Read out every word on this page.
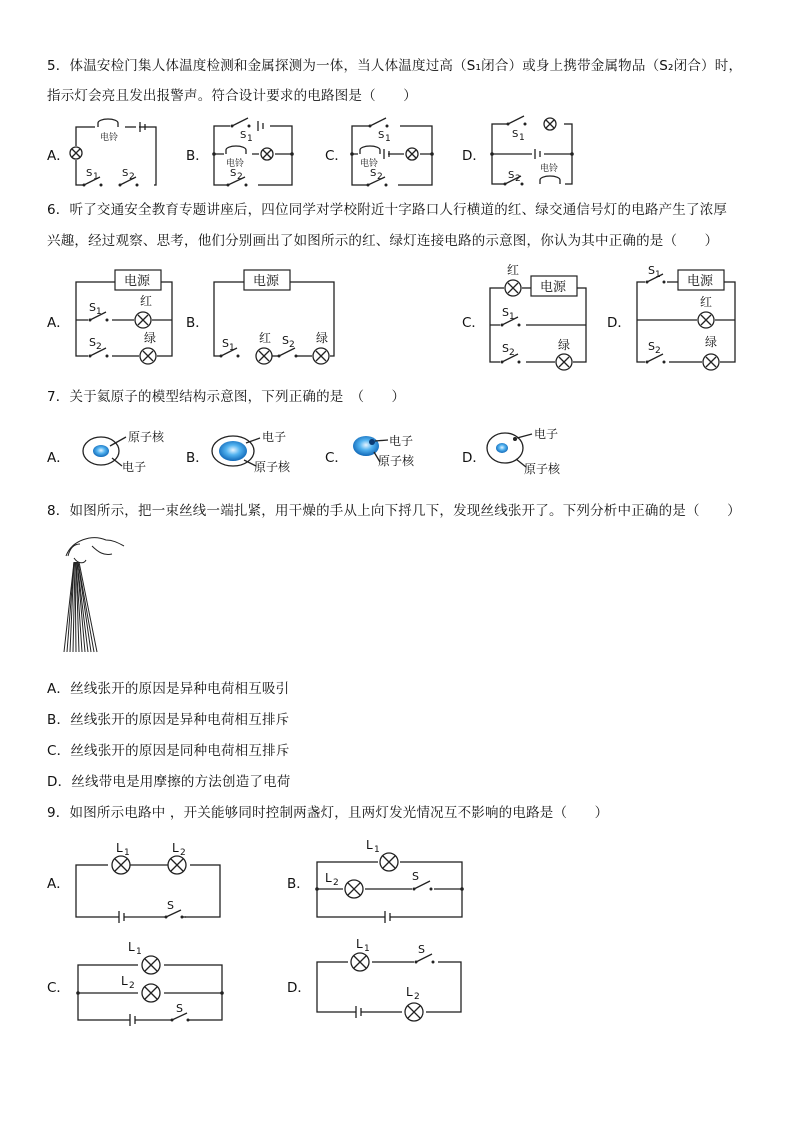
5．体温安检门集人体温度检测和金属探测为一体，当人体温度过高（S₁闭合）或身上携带金属物品（S₂闭合）时，
指示灯会亮且发出报警声。符合设计要求的电路图是（　　）
A．	B．	C．	D．
电铃
S 1 S 2
S 1
电铃
S 2
S 1
电铃
S 2
S 1
S 2
电铃
6．听了交通安全教育专题讲座后，四位同学对学校附近十字路口人行横道的红、绿交通信号灯的电路产生了浓厚
兴趣，经过观察、思考，他们分别画出了如图所示的红、绿灯连接电路的示意图，你认为其中正确的是（　　）
A．	B．	C．	D．
电源
S 1
红
S 2
绿
电源
S 1
红 S 2 绿
红
电源
S 1
S 2
绿
S 1 电源
红
S 2
绿
7．关于氦原子的模型结构示意图，下列正确的是　（　　）
A．	B．	C．	D．
原子核
电子
电子
原子核
电子
原子核
电子
原子核
8．如图所示，把一束丝线一端扎紧，用干燥的手从上向下捋几下，发现丝线张开了。下列分析中正确的是（　　）
A．丝线张开的原因是异种电荷相互吸引
B．丝线张开的原因是异种电荷相互排斥
C．丝线张开的原因是同种电荷相互排斥
D．丝线带电是用摩擦的方法创造了电荷
9．如图所示电路中 ，开关能够同时控制两盏灯，且两灯发光情况互不影响的电路是（　　）
A．	B．
C．	D．
L 1	L 2
S
L 1
L 2	S
L 1
L 2
S
L 1	S
L 2
